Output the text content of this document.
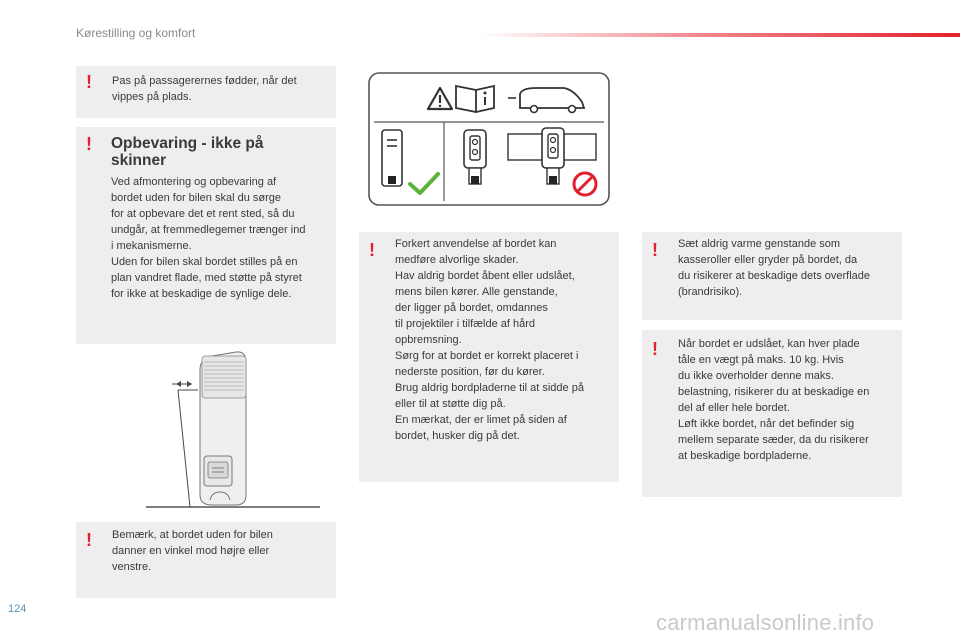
Kørestilling og komfort
! Pas på passagerernes fødder, når det
vippes på plads.
! Opbevaring - ikke på
skinner
Ved afmontering og opbevaring af
bordet uden for bilen skal du sørge
for at opbevare det et rent sted, så du
undgår, at fremmedlegemer trænger ind
i mekanismerne.
Uden for bilen skal bordet stilles på en
plan vandret flade, med støtte på styret
for ikke at beskadige de synlige dele.
! Bemærk, at bordet uden for bilen
danner en vinkel mod højre eller
venstre.
! Forkert anvendelse af bordet kan
medføre alvorlige skader.
Hav aldrig bordet åbent eller udslået,
mens bilen kører. Alle genstande,
der ligger på bordet, omdannes
til projektiler i tilfælde af hård
opbremsning.
Sørg for at bordet er korrekt placeret i
nederste position, før du kører.
Brug aldrig bordpladerne til at sidde på
eller til at støtte dig på.
En mærkat, der er limet på siden af
bordet, husker dig på det.
! Sæt aldrig varme genstande som
kasseroller eller gryder på bordet, da
du risikerer at beskadige dets overflade
(brandrisiko).
! Når bordet er udslået, kan hver plade
tåle en vægt på maks. 10 kg. Hvis
du ikke overholder denne maks.
belastning, risikerer du at beskadige en
del af eller hele bordet.
Løft ikke bordet, når det befinder sig
mellem separate sæder, da du risikerer
at beskadige bordpladerne.
124
carmanualsonline.info
